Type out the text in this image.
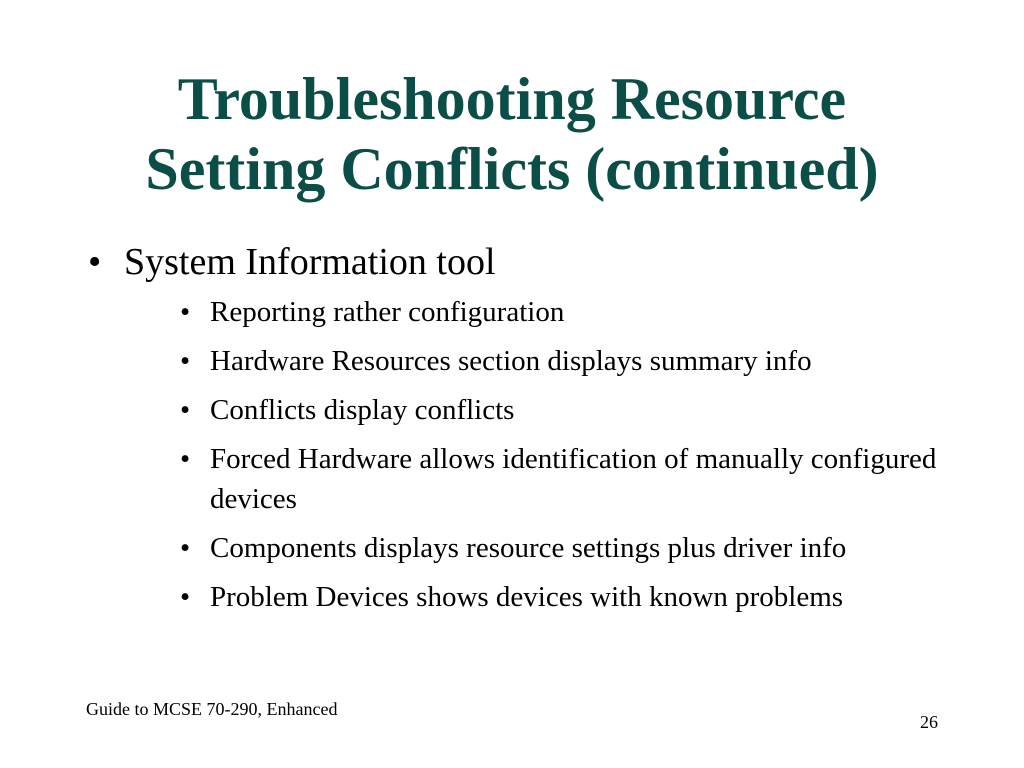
Troubleshooting Resource
Setting Conflicts (continued)
• System Information tool
• Reporting rather configuration
• Hardware Resources section displays summary info
• Conflicts display conflicts
• Forced Hardware allows identification of manually configured devices
• Components displays resource settings plus driver info
• Problem Devices shows devices with known problems
Guide to MCSE 70-290, Enhanced
26
